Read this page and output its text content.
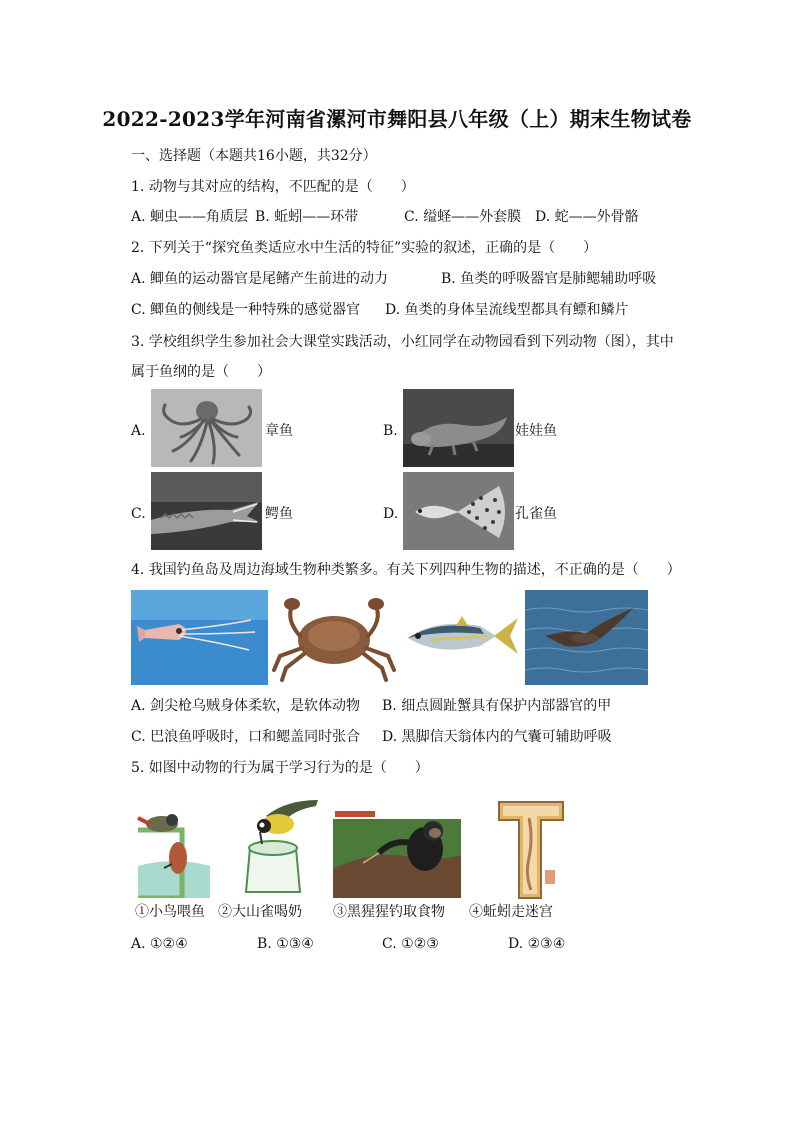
2022-2023学年河南省漯河市舞阳县八年级（上）期末生物试卷
一、选择题（本题共16小题，共32分）
1. 动物与其对应的结构，不匹配的是（　　）
A. 蛔虫——角质层 B. 蚯蚓——环带	C. 缢蛏——外套膜 D. 蛇——外骨骼
2. 下列关于“探究鱼类适应水中生活的特征”实验的叙述，正确的是（　　）
A. 鲫鱼的运动器官是尾鳍产生前进的动力	B. 鱼类的呼吸器官是肺鳃辅助呼吸
C. 鲫鱼的侧线是一种特殊的感觉器官 D. 鱼类的身体呈流线型都具有鳔和鳞片
3. 学校组织学生参加社会大课堂实践活动，小红同学在动物园看到下列动物（图），其中
属于鱼纲的是（　　）
A.	章鱼	B.	娃娃鱼
C.	鳄鱼	D.	孔雀鱼
4. 我国钓鱼岛及周边海域生物种类繁多。有关下列四种生物的描述，不正确的是（　　）
A. 剑尖枪乌贼身体柔软，是软体动物 B. 细点圆趾蟹具有保护内部器官的甲
C. 巴浪鱼呼吸时，口和鳃盖同时张合 D. 黑脚信天翁体内的气囊可辅助呼吸
5. 如图中动物的行为属于学习行为的是（　　）
①小鸟喂鱼 ②大山雀喝奶 ③黑猩猩钓取食物 ④蚯蚓走迷宫
A. ①②④	B. ①③④	C. ①②③	D. ②③④
